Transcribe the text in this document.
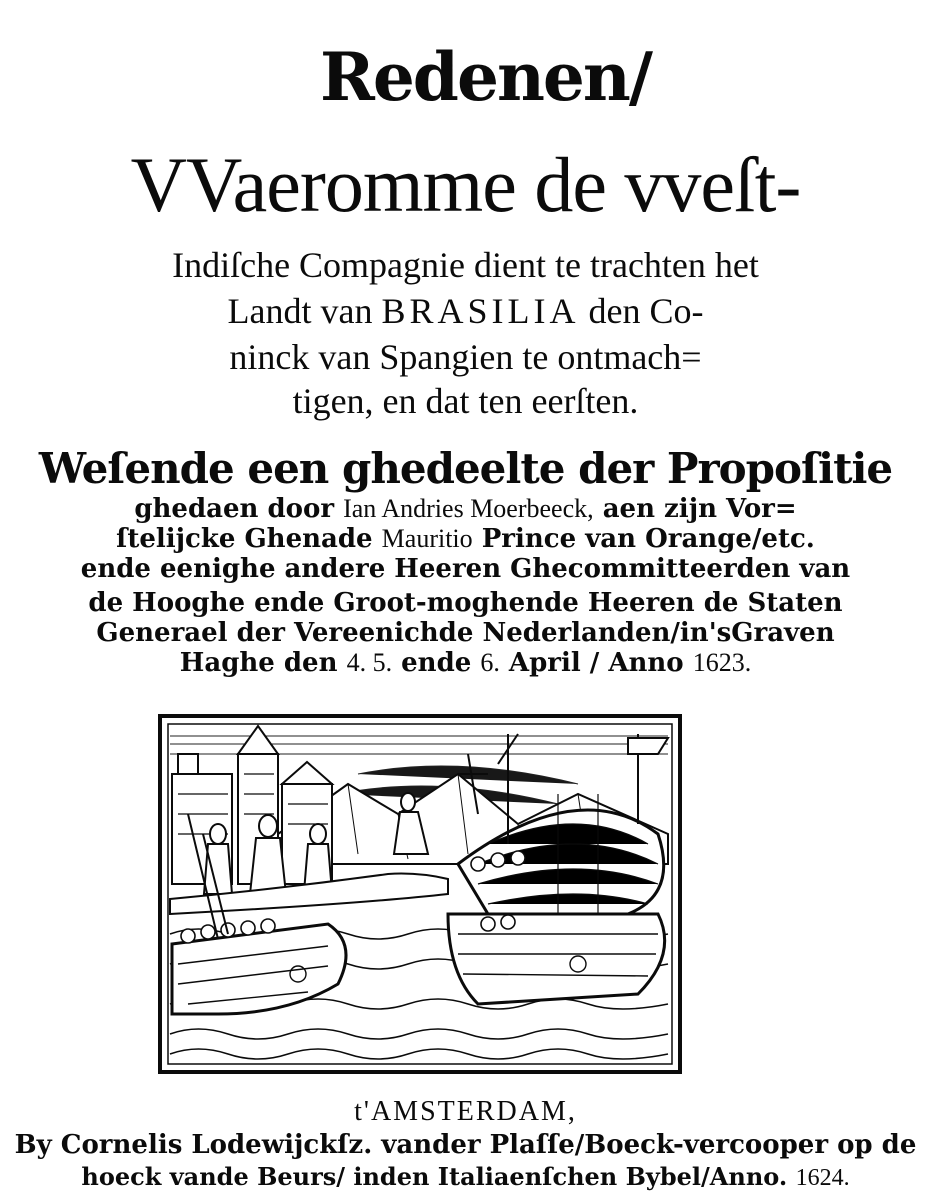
Redenen/
VVaeromme de vveſt-
Indiſche Compagnie dient te trachten het
Landt van BRASILIA den Co-
ninck van Spangien te ontmach=
tigen, en dat ten eerſten.
Weſende een ghedeelte der Propoſitie
ghedaen door Ian Andries Moerbeeck, aen zijn Vor=
ſtelijcke Ghenade Mauritio Prince van Orange/etc.
ende eenighe andere Heeren Ghecommitteerden van
de Hooghe ende Groot-moghende Heeren de Staten
Generael der Vereenichde Nederlanden/in'sGraven
Haghe den 4. 5. ende 6. April / Anno 1623.
t'AMSTERDAM,
By Cornelis Lodewijckſz. vander Plaſſe/Boeck-vercooper op de
hoeck vande Beurs/ inden Italiaenſchen Bybel/Anno. 1624.
